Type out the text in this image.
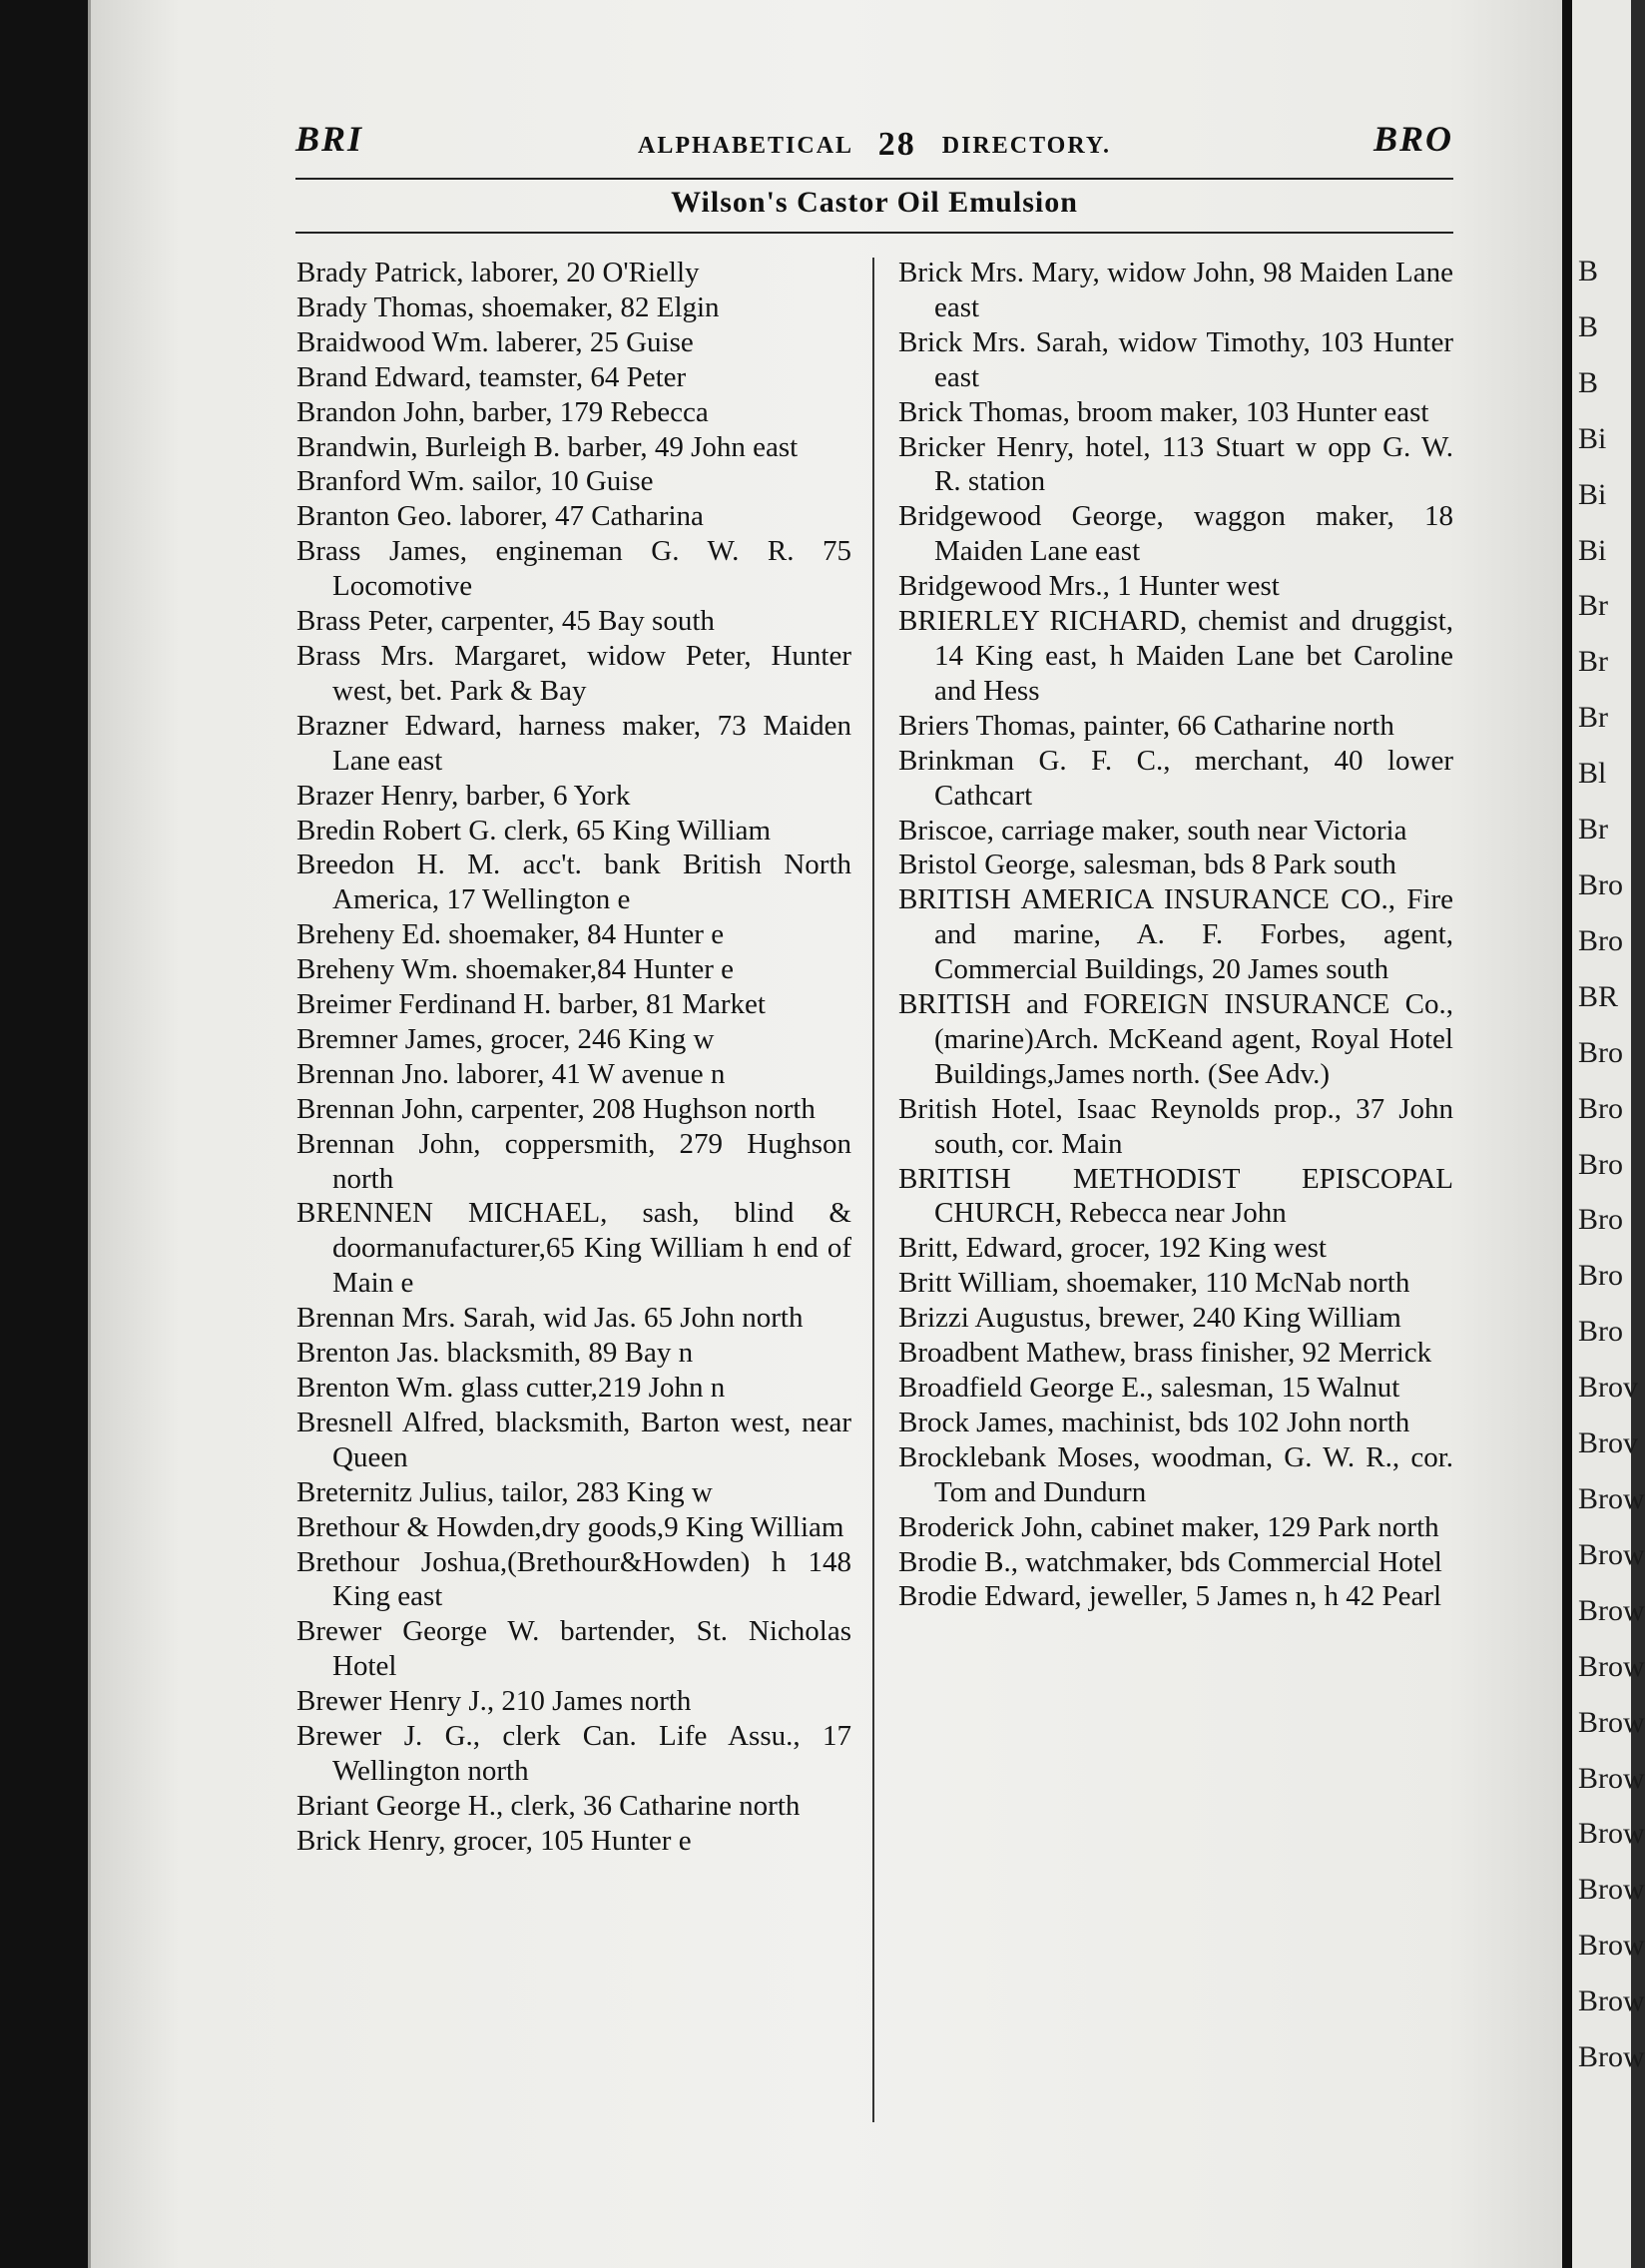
BRI	ALPHABETICAL 28 DIRECTORY.	BRO
Wilson's Castor Oil Emulsion

Brady Patrick, laborer, 20 O'Rielly

Brady Thomas, shoemaker, 82 Elgin

Braidwood Wm. laberer, 25 Guise

Brand Edward, teamster, 64 Peter

Brandon John, barber, 179 Rebecca

Brandwin, Burleigh B. barber, 49 John east

Branford Wm. sailor, 10 Guise

Branton Geo. laborer, 47 Catharina

Brass James, engineman G. W. R. 75 Locomotive

Brass Peter, carpenter, 45 Bay south

Brass Mrs. Margaret, widow Peter, Hunter west, bet. Park & Bay

Brazner Edward, harness maker, 73 Maiden Lane east

Brazer Henry, barber, 6 York

Bredin Robert G. clerk, 65 King William

Breedon H. M. acc't. bank British North America, 17 Wellington e

Breheny Ed. shoemaker, 84 Hunter e

Breheny Wm. shoemaker,84 Hunter e

Breimer Ferdinand H. barber, 81 Market

Bremner James, grocer, 246 King w

Brennan Jno. laborer, 41 W avenue n

Brennan John, carpenter, 208 Hughson north

Brennan John, coppersmith, 279 Hughson north

BRENNEN MICHAEL, sash, blind & doormanufacturer,65 King William h end of Main e

Brennan Mrs. Sarah, wid Jas. 65 John north

Brenton Jas. blacksmith, 89 Bay n

Brenton Wm. glass cutter,219 John n

Bresnell Alfred, blacksmith, Barton west, near Queen

Breternitz Julius, tailor, 283 King w

Brethour & Howden,dry goods,9 King William

Brethour Joshua,(Brethour&Howden) h 148 King east

Brewer George W. bartender, St. Nicholas Hotel

Brewer Henry J., 210 James north

Brewer J. G., clerk Can. Life Assu., 17 Wellington north

Briant George H., clerk, 36 Catharine north

Brick Henry, grocer, 105 Hunter e

Brick Mrs. Mary, widow John, 98 Maiden Lane east

Brick Mrs. Sarah, widow Timothy, 103 Hunter east

Brick Thomas, broom maker, 103 Hunter east

Bricker Henry, hotel, 113 Stuart w opp G. W. R. station

Bridgewood George, waggon maker, 18 Maiden Lane east

Bridgewood Mrs., 1 Hunter west

BRIERLEY RICHARD, chemist and druggist, 14 King east, h Maiden Lane bet Caroline and Hess

Briers Thomas, painter, 66 Catharine north

Brinkman G. F. C., merchant, 40 lower Cathcart

Briscoe, carriage maker, south near Victoria

Bristol George, salesman, bds 8 Park south

BRITISH AMERICA INSURANCE CO., Fire and marine, A. F. Forbes, agent, Commercial Buildings, 20 James south

BRITISH and FOREIGN INSURANCE Co.,(marine)Arch. McKeand agent, Royal Hotel Buildings,James north. (See Adv.)

British Hotel, Isaac Reynolds prop., 37 John south, cor. Main

BRITISH METHODIST EPISCOPAL CHURCH, Rebecca near John

Britt, Edward, grocer, 192 King west

Britt William, shoemaker, 110 McNab north

Brizzi Augustus, brewer, 240 King William

Broadbent Mathew, brass finisher, 92 Merrick

Broadfield George E., salesman, 15 Walnut

Brock James, machinist, bds 102 John north

Brocklebank Moses, woodman, G. W. R., cor. Tom and Dundurn

Broderick John, cabinet maker, 129 Park north

Brodie B., watchmaker, bds Commercial Hotel

Brodie Edward, jeweller, 5 James n, h 42 Pearl

B
B
B
Bi
Bi
Bi
Br
Br
Br
Bl
Br
Bro
Bro
BR
Bro
Bro
Bro
Bro
Bro
Bro
Brov
Brov
Brow
Brow
Brow
Brow
Brow
Brow
Brow
Brow
Brow
Brow
Brow
